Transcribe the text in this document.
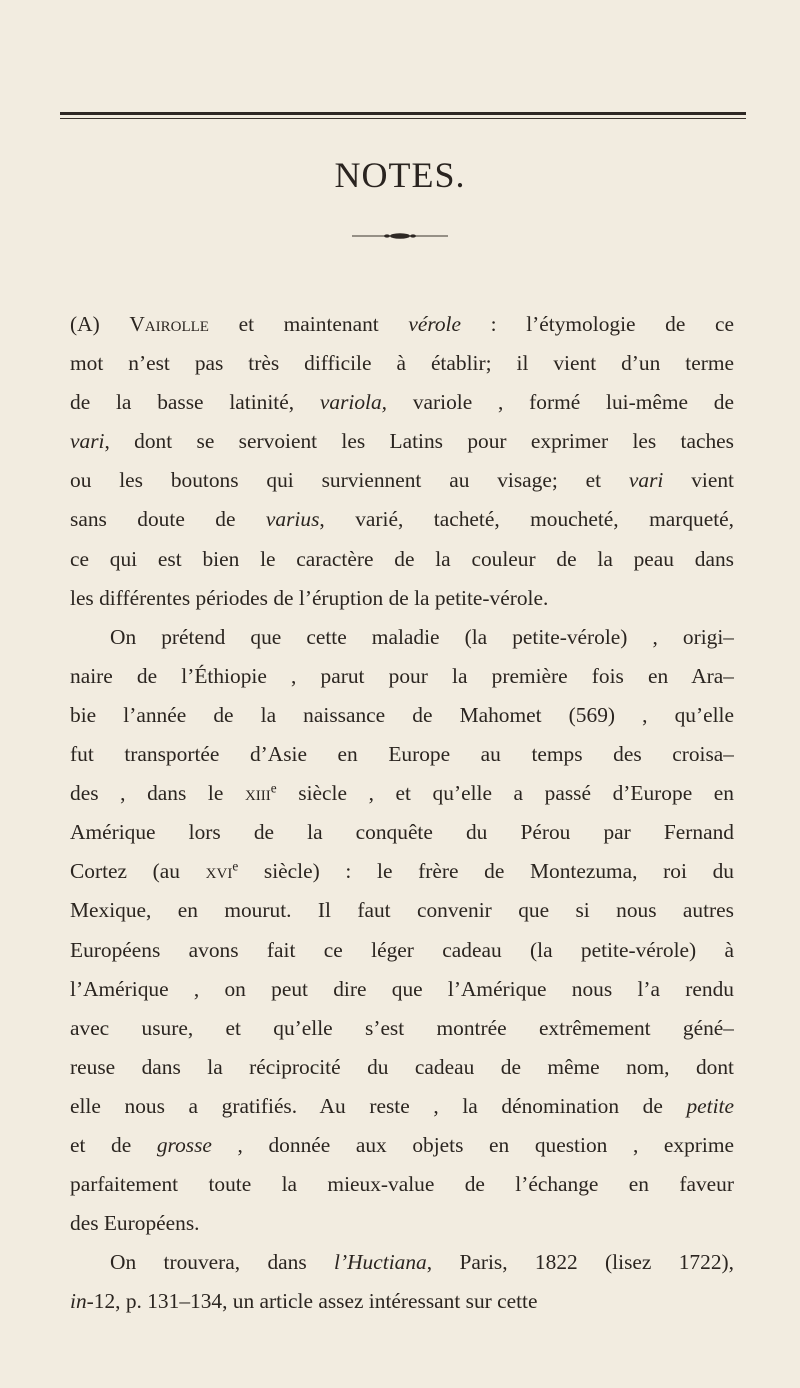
NOTES.
(A) Vairolle et maintenant vérole : l’étymologie de ce
mot n’est pas très difficile à établir; il vient d’un terme
de la basse latinité, variola, variole , formé lui-même de
vari, dont se servoient les Latins pour exprimer les taches
ou les boutons qui surviennent au visage; et vari vient
sans doute de varius, varié, tacheté, moucheté, marqueté,
ce qui est bien le caractère de la couleur de la peau dans
les différentes périodes de l’éruption de la petite-vérole.
On prétend que cette maladie (la petite-vérole) , origi–
naire de l’Éthiopie , parut pour la première fois en Ara–
bie l’année de la naissance de Mahomet (569) , qu’elle
fut transportée d’Asie en Europe au temps des croisa–
des , dans le xiii$^e$ siècle , et qu’elle a passé d’Europe en
Amérique lors de la conquête du Pérou par Fernand
Cortez (au xvi$^e$ siècle) : le frère de Montezuma, roi du
Mexique, en mourut. Il faut convenir que si nous autres
Européens avons fait ce léger cadeau (la petite-vérole) à
l’Amérique , on peut dire que l’Amérique nous l’a rendu
avec usure, et qu’elle s’est montrée extrêmement géné–
reuse dans la réciprocité du cadeau de même nom, dont
elle nous a gratifiés. Au reste , la dénomination de petite
et de grosse , donnée aux objets en question , exprime
parfaitement toute la mieux-value de l’échange en faveur
des Européens.
On trouvera, dans l’Huctiana, Paris, 1822 (lisez 1722),
in-12, p. 131–134, un article assez intéressant sur cette
